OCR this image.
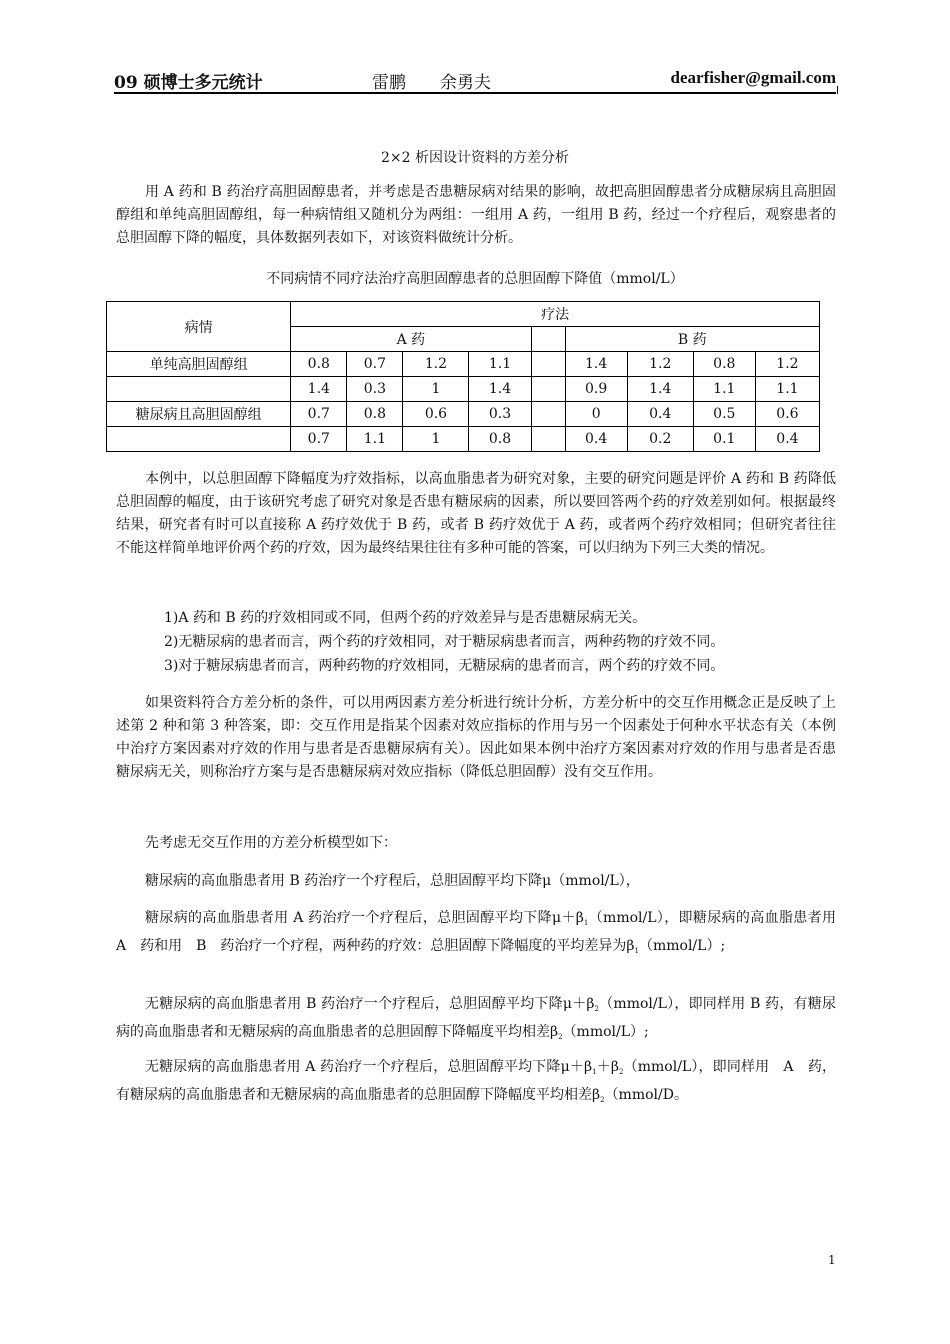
09 硕博士多元统计	雷鹏　　余勇夫	dearfisher@gmail.com
2×2 析因设计资料的方差分析
用 A 药和 B 药治疗高胆固醇患者，并考虑是否患糖尿病对结果的影响，故把高胆固醇患者分成糖尿病且高胆固醇组和单纯高胆固醇组，每一种病情组又随机分为两组：一组用 A 药，一组用 B 药，经过一个疗程后，观察患者的总胆固醇下降的幅度，具体数据列表如下，对该资料做统计分析。
不同病情不同疗法治疗高胆固醇患者的总胆固醇下降值（mmol/L）
病情	疗法								
	A 药					B 药			
单纯高胆固醇组	0.8	0.7	1.2	1.1		1.4	1.2	0.8	1.2
	1.4	0.3	1	1.4		0.9	1.4	1.1	1.1
糖尿病且高胆固醇组	0.7	0.8	0.6	0.3		0	0.4	0.5	0.6
	0.7	1.1	1	0.8		0.4	0.2	0.1	0.4
本例中，以总胆固醇下降幅度为疗效指标，以高血脂患者为研究对象，主要的研究问题是评价 A 药和 B 药降低总胆固醇的幅度，由于该研究考虑了研究对象是否患有糖尿病的因素，所以要回答两个药的疗效差别如何。根据最终结果，研究者有时可以直接称 A 药疗效优于 B 药，或者 B 药疗效优于 A 药，或者两个药疗效相同；但研究者往往不能这样简单地评价两个药的疗效，因为最终结果往往有多种可能的答案，可以归纳为下列三大类的情况。
1)A 药和 B 药的疗效相同或不同，但两个药的疗效差异与是否患糖尿病无关。
2)无糖尿病的患者而言，两个药的疗效相同，对于糖尿病患者而言，两种药物的疗效不同。
3)对于糖尿病患者而言，两种药物的疗效相同，无糖尿病的患者而言，两个药的疗效不同。
如果资料符合方差分析的条件，可以用两因素方差分析进行统计分析，方差分析中的交互作用概念正是反映了上述第 2 种和第 3 种答案，即：交互作用是指某个因素对效应指标的作用与另一个因素处于何种水平状态有关（本例中治疗方案因素对疗效的作用与患者是否患糖尿病有关）。因此如果本例中治疗方案因素对疗效的作用与患者是否患糖尿病无关，则称治疗方案与是否患糖尿病对效应指标（降低总胆固醇）没有交互作用。
先考虑无交互作用的方差分析模型如下：
糖尿病的高血脂患者用 B 药治疗一个疗程后，总胆固醇平均下降μ（mmol/L），
糖尿病的高血脂患者用 A 药治疗一个疗程后，总胆固醇平均下降$\mu+\beta_1(mmol/L)$，即糖尿病的高血脂患者用　A　药和用　B　药治疗一个疗程，两种药的疗效：总胆固醇下降幅度的平均差异为$\beta_1(mmol/L)$;
无糖尿病的高血脂患者用 B 药治疗一个疗程后，总胆固醇平均下降$\mu+\beta_2(mmol/L)$，即同样用 B 药，有糖尿病的高血脂患者和无糖尿病的高血脂患者的总胆固醇下降幅度平均相差$\beta_2(mmol/L)$;
无糖尿病的高血脂患者用 A 药治疗一个疗程后，总胆固醇平均下降$\mu+\beta_1+\beta_2(mmol/L)$，即同样用　A　药，有糖尿病的高血脂患者和无糖尿病的高血脂患者的总胆固醇下降幅度平均相差$\beta_2(mmol/D$。
1
